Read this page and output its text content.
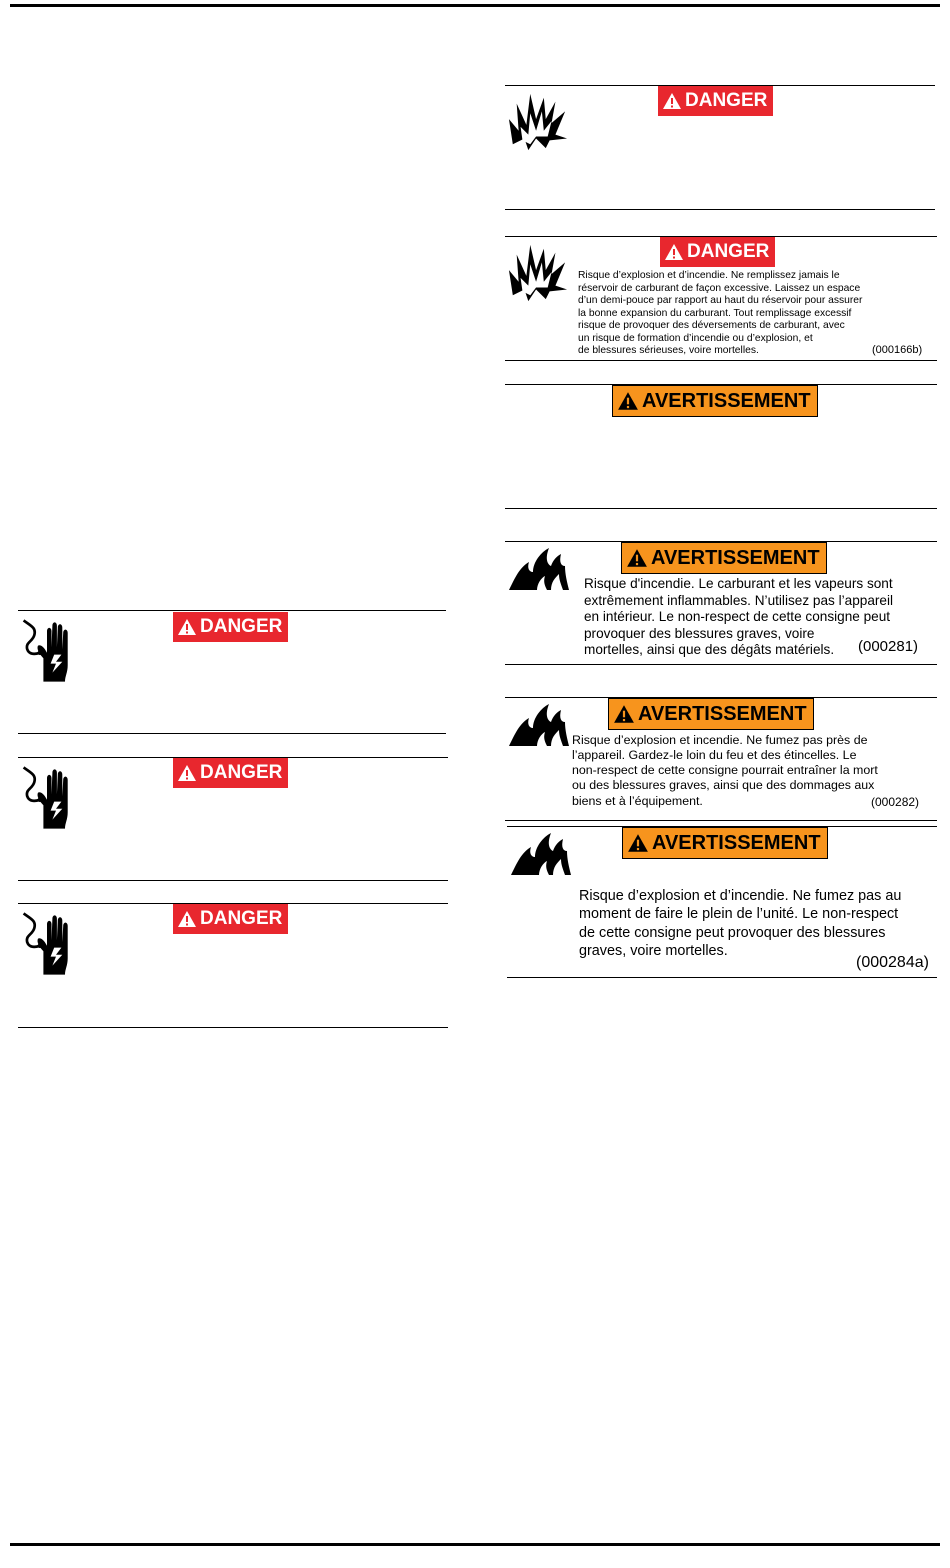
DANGER
DANGER
DANGER
DANGER
DANGER
Risque d’explosion et d’incendie. Ne remplissez jamais le
réservoir de carburant de façon excessive. Laissez un espace
d’un demi-pouce par rapport au haut du réservoir pour assurer
la bonne expansion du carburant. Tout remplissage excessif
risque de provoquer des déversements de carburant, avec
un risque de formation d’incendie ou d’explosion, et
de blessures sérieuses, voire mortelles.	(000166b)
AVERTISSEMENT
AVERTISSEMENT
Risque d'incendie. Le carburant et les vapeurs sont
extrêmement inflammables. N’utilisez pas l’appareil
en intérieur. Le non-respect de cette consigne peut
provoquer des blessures graves, voire
mortelles, ainsi que des dégâts matériels.	(000281)
AVERTISSEMENT
Risque d’explosion et incendie. Ne fumez pas près de
l’appareil. Gardez-le loin du feu et des étincelles. Le
non-respect de cette consigne pourrait entraîner la mort
ou des blessures graves, ainsi que des dommages aux
biens et à l’équipement.	(000282)
AVERTISSEMENT
Risque d’explosion et d’incendie. Ne fumez pas au
moment de faire le plein de l’unité. Le non-respect
de cette consigne peut provoquer des blessures
graves, voire mortelles.
(000284a)
